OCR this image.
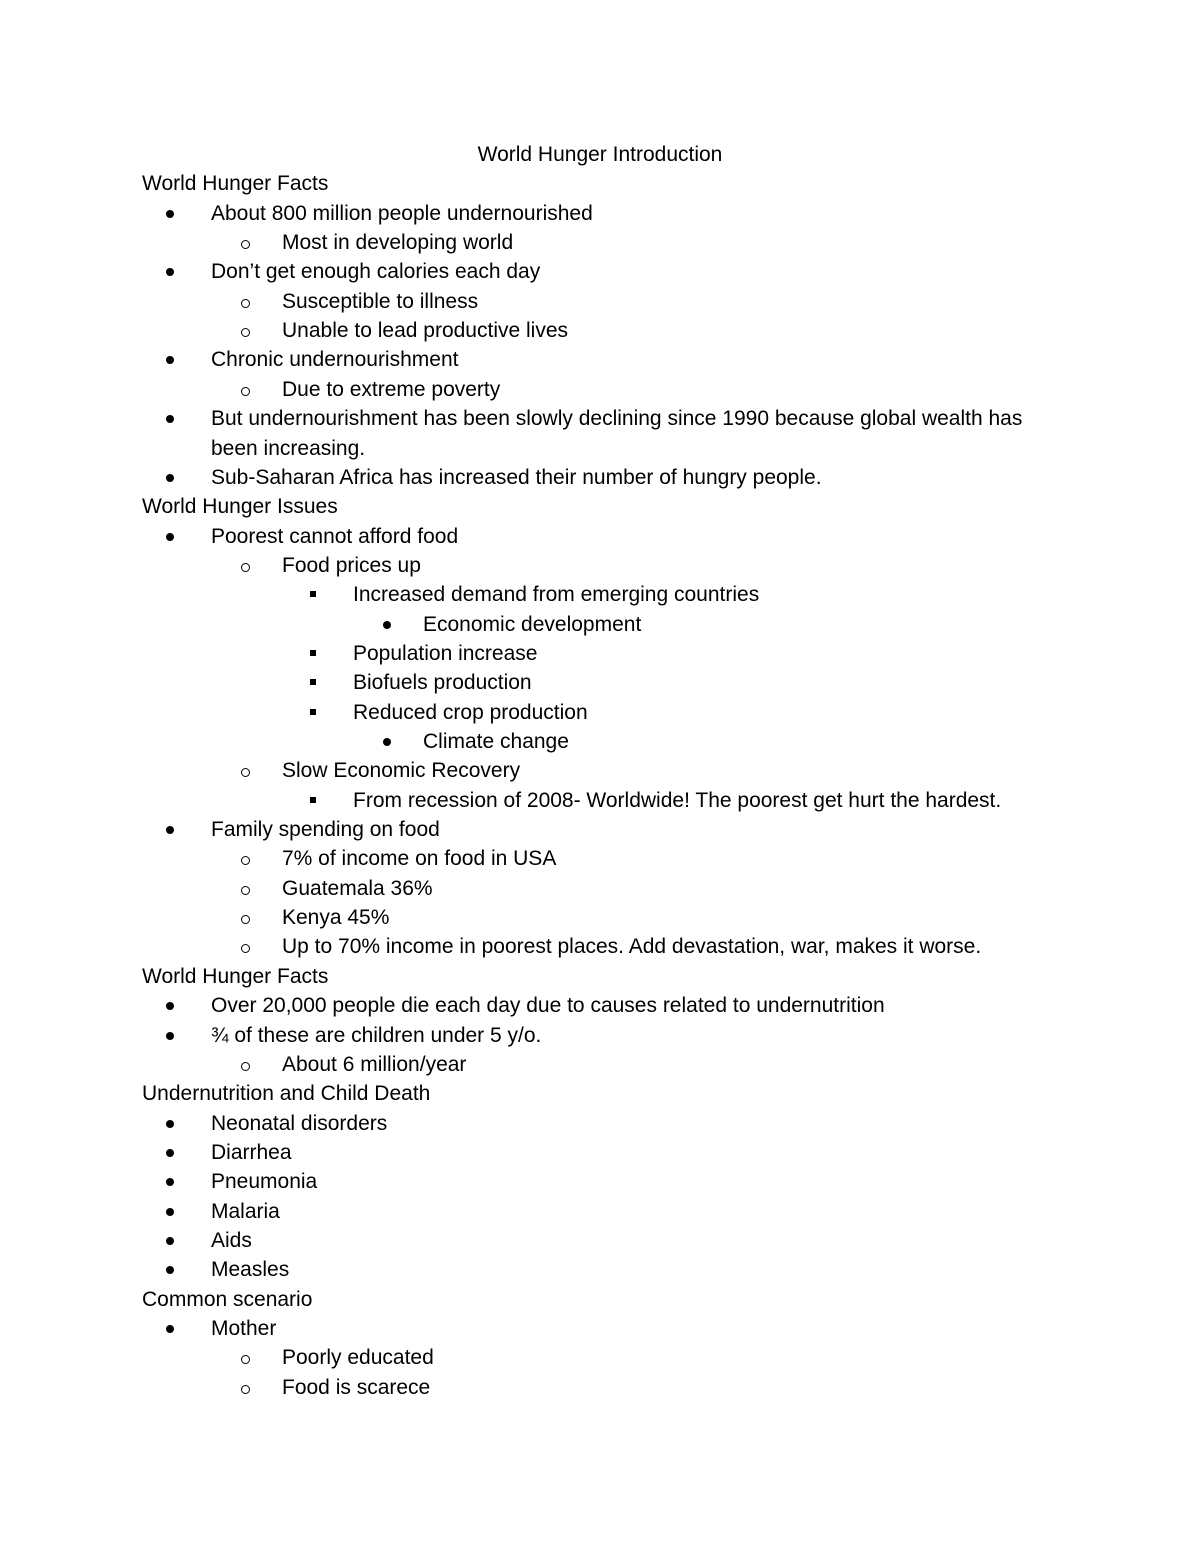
World Hunger Introduction
World Hunger Facts
About 800 million people undernourished
Most in developing world
Don’t get enough calories each day
Susceptible to illness
Unable to lead productive lives
Chronic undernourishment
Due to extreme poverty
But undernourishment has been slowly declining since 1990 because global wealth has
been increasing.
Sub-Saharan Africa has increased their number of hungry people.
World Hunger Issues
Poorest cannot afford food
Food prices up
Increased demand from emerging countries
Economic development
Population increase
Biofuels production
Reduced crop production
Climate change
Slow Economic Recovery
From recession of 2008- Worldwide! The poorest get hurt the hardest.
Family spending on food
7% of income on food in USA
Guatemala 36%
Kenya 45%
Up to 70% income in poorest places. Add devastation, war, makes it worse.
World Hunger Facts
Over 20,000 people die each day due to causes related to undernutrition
¾ of these are children under 5 y/o.
About 6 million/year
Undernutrition and Child Death
Neonatal disorders
Diarrhea
Pneumonia
Malaria
Aids
Measles
Common scenario
Mother
Poorly educated
Food is scarece
